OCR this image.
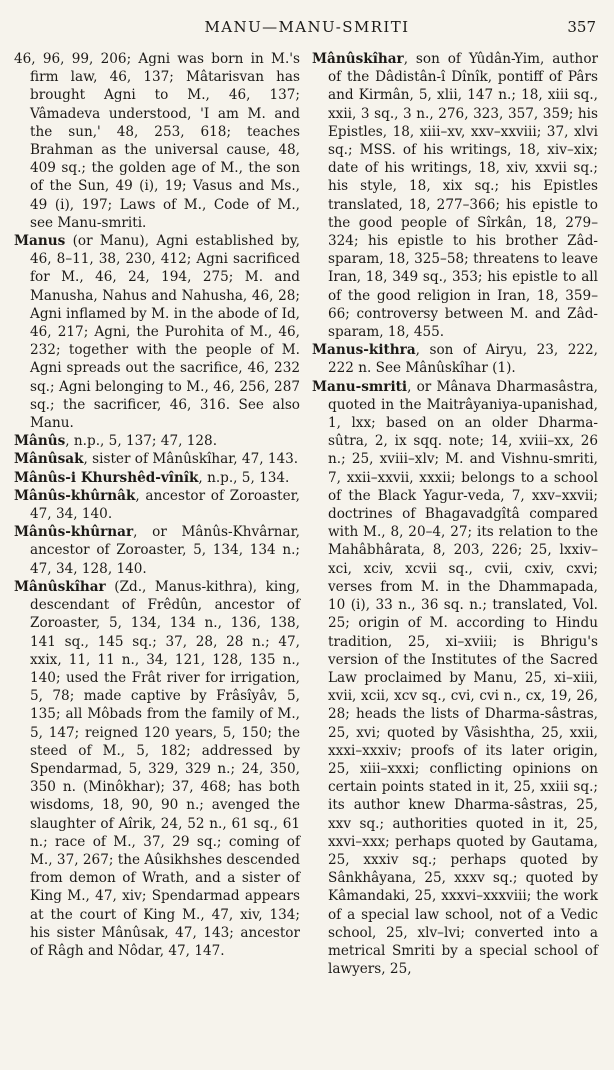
MANU—MANU-SMRITI	357

46, 96, 99, 206; Agni was born in M.'s firm law, 46, 137; Mâtarisvan has brought Agni to M., 46, 137; Vâmadeva understood, 'I am M. and the sun,' 48, 253, 618; teaches Brahman as the universal cause, 48, 409 sq.; the golden age of M., the son of the Sun, 49 (i), 19; Vasus and Ms., 49 (i), 197; Laws of M., Code of M., see Manu-smriti.

Manus (or Manu), Agni established by, 46, 8–11, 38, 230, 412; Agni sacrificed for M., 46, 24, 194, 275; M. and Manusha, Nahus and Nahusha, 46, 28; Agni inflamed by M. in the abode of Id, 46, 217; Agni, the Purohita of M., 46, 232; together with the people of M. Agni spreads out the sacrifice, 46, 232 sq.; Agni belonging to M., 46, 256, 287 sq.; the sacrificer, 46, 316. See also Manu.

Mânûs, n.p., 5, 137; 47, 128.

Mânûsak, sister of Mânûskîhar, 47, 143.

Mânûs-i Khurshêd-vînîk, n.p., 5, 134.

Mânûs-khûrnâk, ancestor of Zoroaster, 47, 34, 140.

Mânûs-khûrnar, or Mânûs-Khvârnar, ancestor of Zoroaster, 5, 134, 134 n.; 47, 34, 128, 140.

Mânûskîhar (Zd., Manus-kithra), king, descendant of Frêdûn, ancestor of Zoroaster, 5, 134, 134 n., 136, 138, 141 sq., 145 sq.; 37, 28, 28 n.; 47, xxix, 11, 11 n., 34, 121, 128, 135 n., 140; used the Frât river for irrigation, 5, 78; made captive by Frâsîyâv, 5, 135; all Môbads from the family of M., 5, 147; reigned 120 years, 5, 150; the steed of M., 5, 182; addressed by Spendarmad, 5, 329, 329 n.; 24, 350, 350 n. (Minôkhar); 37, 468; has both wisdoms, 18, 90, 90 n.; avenged the slaughter of Aîrik, 24, 52 n., 61 sq., 61 n.; race of M., 37, 29 sq.; coming of M., 37, 267; the Aûsikhshes descended from demon of Wrath, and a sister of King M., 47, xiv; Spendarmad appears at the court of King M., 47, xiv, 134; his sister Mânûsak, 47, 143; ancestor of Râgh and Nôdar, 47, 147.

Mânûskîhar, son of Yûdân-Yim, author of the Dâdistân-î Dînîk, pontiff of Pârs and Kirmân, 5, xlii, 147 n.; 18, xiii sq., xxii, 3 sq., 3 n., 276, 323, 357, 359; his Epistles, 18, xiii–xv, xxv–xxviii; 37, xlvi sq.; MSS. of his writings, 18, xiv–xix; date of his writings, 18, xiv, xxvii sq.; his style, 18, xix sq.; his Epistles translated, 18, 277–366; his epistle to the good people of Sîrkân, 18, 279–324; his epistle to his brother Zâd-sparam, 18, 325–58; threatens to leave Iran, 18, 349 sq., 353; his epistle to all of the good religion in Iran, 18, 359–66; controversy between M. and Zâd-sparam, 18, 455.

Manus-kithra, son of Airyu, 23, 222, 222 n. See Mânûskîhar (1).

Manu-smriti, or Mânava Dharmasâstra, quoted in the Maitrâyaniya-upanishad, 1, lxx; based on an older Dharma-sûtra, 2, ix sqq. note; 14, xviii–xx, 26 n.; 25, xviii–xlv; M. and Vishnu-smriti, 7, xxii–xxvii, xxxii; belongs to a school of the Black Yagur-veda, 7, xxv–xxvii; doctrines of Bhagavadgîtâ compared with M., 8, 20–4, 27; its relation to the Mahâbhârata, 8, 203, 226; 25, lxxiv–xci, xciv, xcvii sq., cvii, cxiv, cxvi; verses from M. in the Dhammapada, 10 (i), 33 n., 36 sq. n.; translated, Vol. 25; origin of M. according to Hindu tradition, 25, xi–xviii; is Bhrigu's version of the Institutes of the Sacred Law proclaimed by Manu, 25, xi–xiii, xvii, xcii, xcv sq., cvi, cvi n., cx, 19, 26, 28; heads the lists of Dharma-sâstras, 25, xvi; quoted by Vâsishtha, 25, xxii, xxxi–xxxiv; proofs of its later origin, 25, xiii–xxxi; conflicting opinions on certain points stated in it, 25, xxiii sq.; its author knew Dharma-sâstras, 25, xxv sq.; authorities quoted in it, 25, xxvi–xxx; perhaps quoted by Gautama, 25, xxxiv sq.; perhaps quoted by Sânkhâyana, 25, xxxv sq.; quoted by Kâmandaki, 25, xxxvi–xxxviii; the work of a special law school, not of a Vedic school, 25, xlv–lvi; converted into a metrical Smriti by a special school of lawyers, 25,
